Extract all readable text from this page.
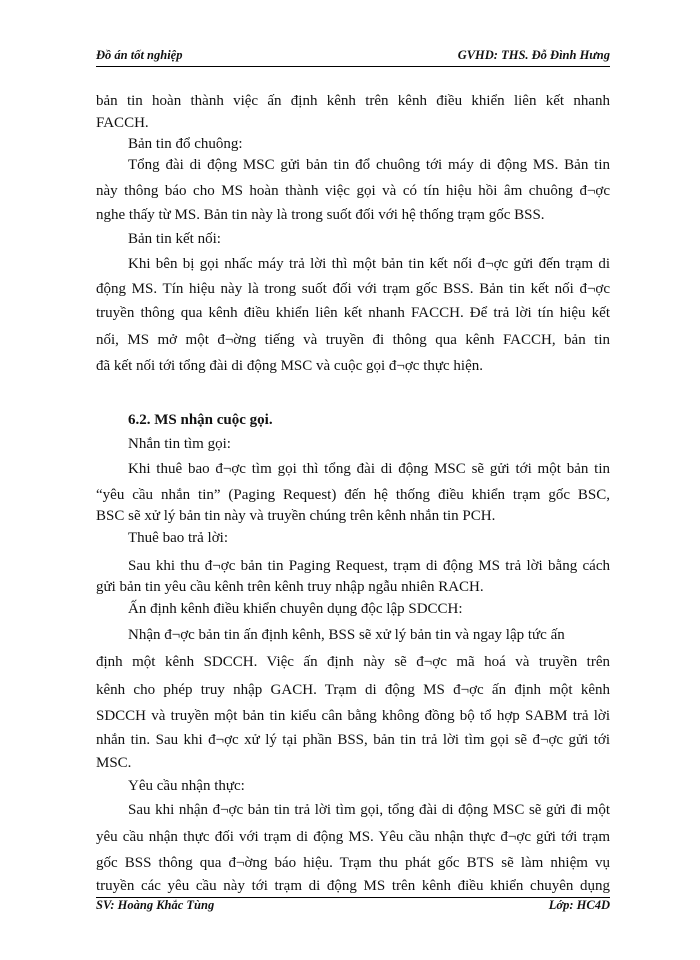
Đồ án tốt nghiệp	GVHD: THS. Đỗ Đình Hưng
bản tin hoàn thành việc ấn định kênh trên kênh điều khiển liên kết nhanh
FACCH.
Bản tin đổ chuông:
Tổng đài di động MSC gửi bản tin đổ chuông tới máy di động MS. Bản tin
này thông báo cho MS hoàn thành việc gọi và có tín hiệu hồi âm chuông đ¬ợc
nghe thấy từ MS. Bản tin này là trong suốt đối với hệ thống trạm gốc BSS.
Bản tin kết nối:
Khi bên bị gọi nhấc máy trả lời thì một bản tin kết nối đ¬ợc gửi đến trạm di
động MS. Tín hiệu này là trong suốt đối với trạm gốc BSS. Bản tin kết nối đ¬ợc
truyền thông qua kênh điều khiển liên kết nhanh FACCH. Để trả lời tín hiệu kết
nối, MS mở một đ¬ờng tiếng và truyền đi thông qua kênh FACCH, bản tin
đã kết nối tới tổng đài di động MSC và cuộc gọi đ¬ợc thực hiện.
6.2. MS nhận cuộc gọi.
Nhắn tin tìm gọi:
Khi thuê bao đ¬ợc tìm gọi thì tổng đài di động MSC sẽ gửi tới một bản tin
“yêu cầu nhắn tin” (Paging Request) đến hệ thống điều khiển trạm gốc BSC,
BSC sẽ xử lý bản tin này và truyền chúng trên kênh nhắn tin PCH.
Thuê bao trả lời:
Sau khi thu đ¬ợc bản tin Paging Request, trạm di động MS trả lời bằng cách
gửi bản tin yêu cầu kênh trên kênh truy nhập ngẫu nhiên RACH.
Ấn định kênh điều khiển chuyên dụng độc lập SDCCH:
Nhận đ¬ợc bản tin ấn định kênh, BSS sẽ xử lý bản tin và ngay lập tức ấn
định một kênh SDCCH. Việc ấn định này sẽ đ¬ợc mã hoá và truyền trên
kênh cho phép truy nhập GACH. Trạm di động MS đ¬ợc ấn định một kênh
SDCCH và truyền một bản tin kiểu cân bằng không đồng bộ tổ hợp SABM trả lời
nhắn tin. Sau khi đ¬ợc xử lý tại phần BSS, bản tin trả lời tìm gọi sẽ đ¬ợc gửi tới
MSC.
Yêu cầu nhận thực:
Sau khi nhận đ¬ợc bản tin trả lời tìm gọi, tổng đài di động MSC sẽ gửi đi một
yêu cầu nhận thực đối với trạm di động MS. Yêu cầu nhận thực đ¬ợc gửi tới trạm
gốc BSS thông qua đ¬ờng báo hiệu. Trạm thu phát gốc BTS sẽ làm nhiệm vụ
truyền các yêu cầu này tới trạm di động MS trên kênh điều khiển chuyên dụng
SV: Hoàng Khắc Tùng	Lớp: HC4D
